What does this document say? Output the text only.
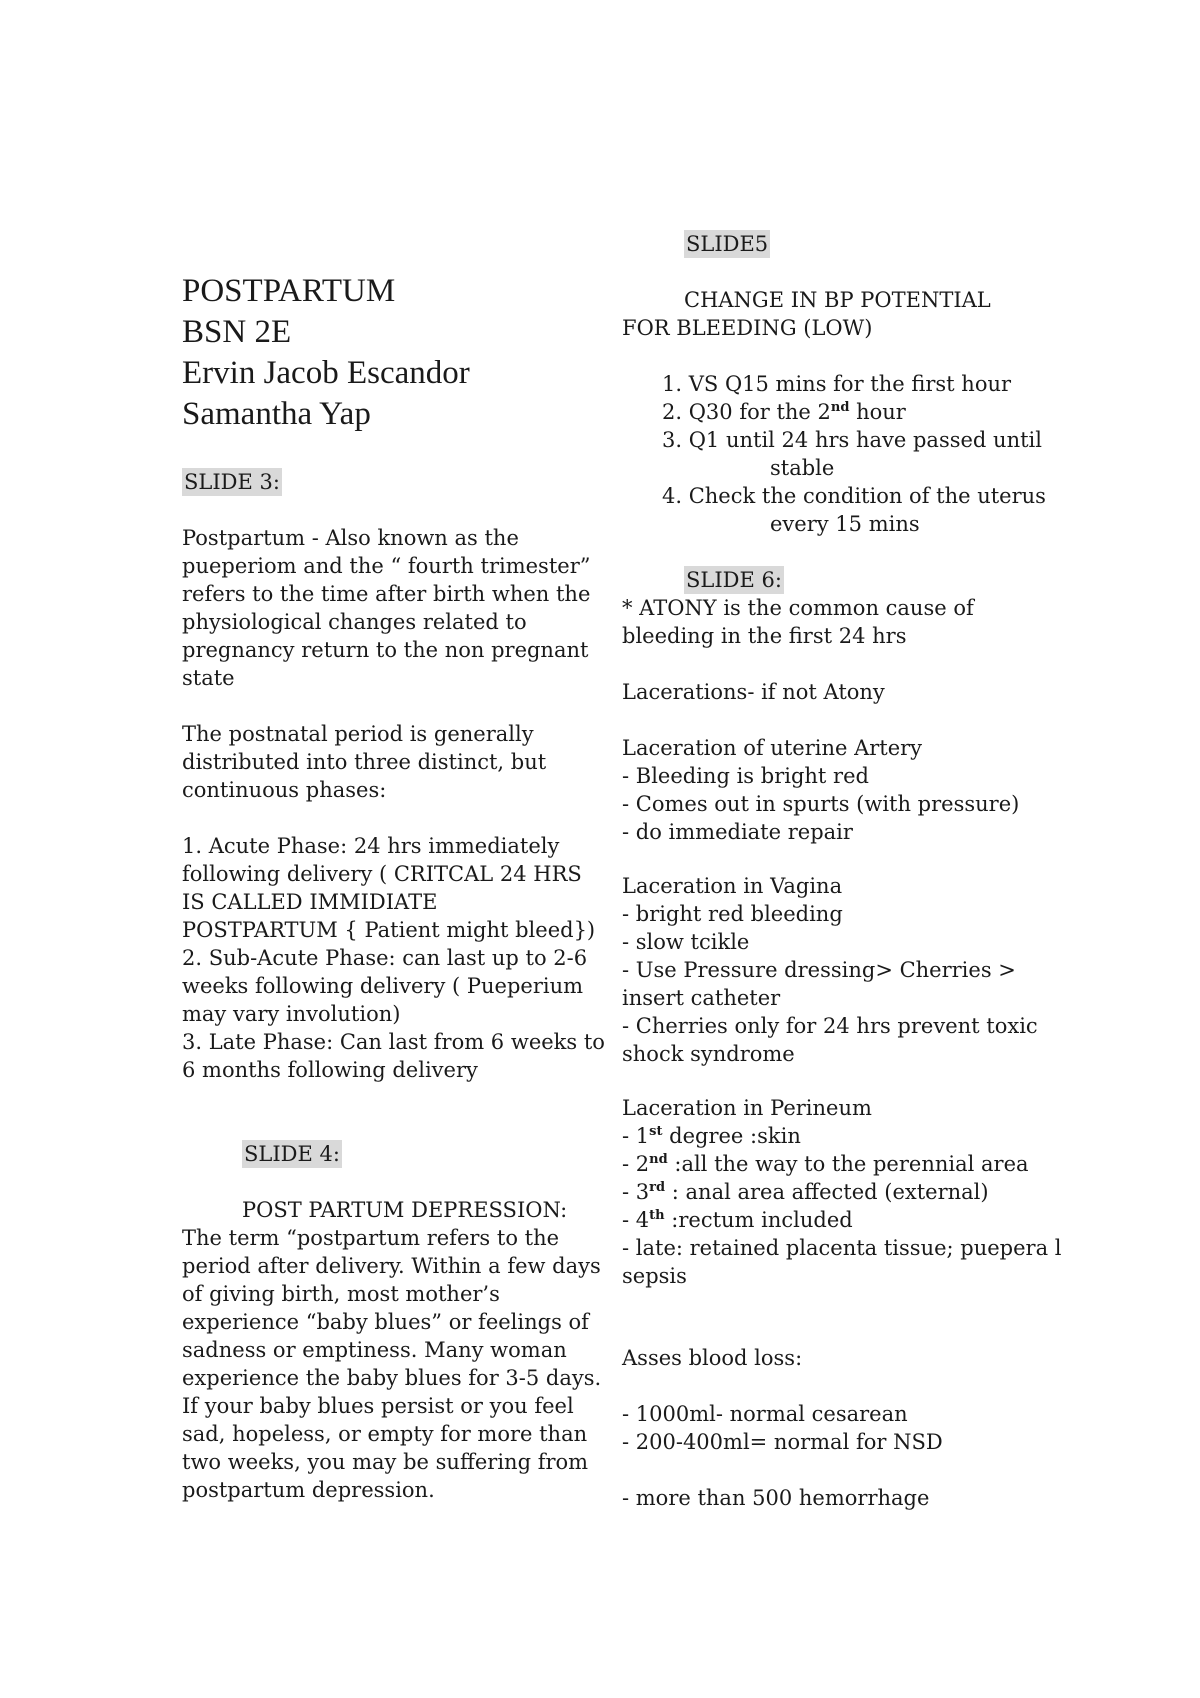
POSTPARTUM
BSN 2E
Ervin Jacob Escandor
Samantha Yap
SLIDE 3:
Postpartum - Also known as the
pueperiom and the “ fourth trimester”
refers to the time after birth when the
physiological changes related to
pregnancy return to the non pregnant
state
The postnatal period is generally
distributed into three distinct, but
continuous phases:
1. Acute Phase: 24 hrs immediately
following delivery ( CRITCAL 24 HRS
IS CALLED IMMIDIATE
POSTPARTUM { Patient might bleed})
2. Sub-Acute Phase: can last up to 2-6
weeks following delivery ( Pueperium
may vary involution)
3. Late Phase: Can last from 6 weeks to
6 months following delivery
SLIDE 4:
POST PARTUM DEPRESSION:
The term “postpartum refers to the
period after delivery. Within a few days
of giving birth, most mother’s
experience “baby blues” or feelings of
sadness or emptiness. Many woman
experience the baby blues for 3-5 days.
If your baby blues persist or you feel
sad, hopeless, or empty for more than
two weeks, you may be suffering from
postpartum depression.
SLIDE5
CHANGE IN BP POTENTIAL
FOR BLEEDING (LOW)
1. VS Q15 mins for the first hour
2. Q30 for the 2nd hour
3. Q1 until 24 hrs have passed until
stable
4. Check the condition of the uterus
every 15 mins
SLIDE 6:
* ATONY is the common cause of
bleeding in the first 24 hrs
Lacerations- if not Atony
Laceration of uterine Artery
- Bleeding is bright red
- Comes out in spurts (with pressure)
- do immediate repair
Laceration in Vagina
- bright red bleeding
- slow tcikle
- Use Pressure dressing> Cherries >
insert catheter
- Cherries only for 24 hrs prevent toxic
shock syndrome
Laceration in Perineum
- 1st degree :skin
- 2nd :all the way to the perennial area
- 3rd : anal area affected (external)
- 4th :rectum included
- late: retained placenta tissue; puepera l
sepsis
Asses blood loss:
- 1000ml- normal cesarean
- 200-400ml= normal for NSD
- more than 500 hemorrhage
